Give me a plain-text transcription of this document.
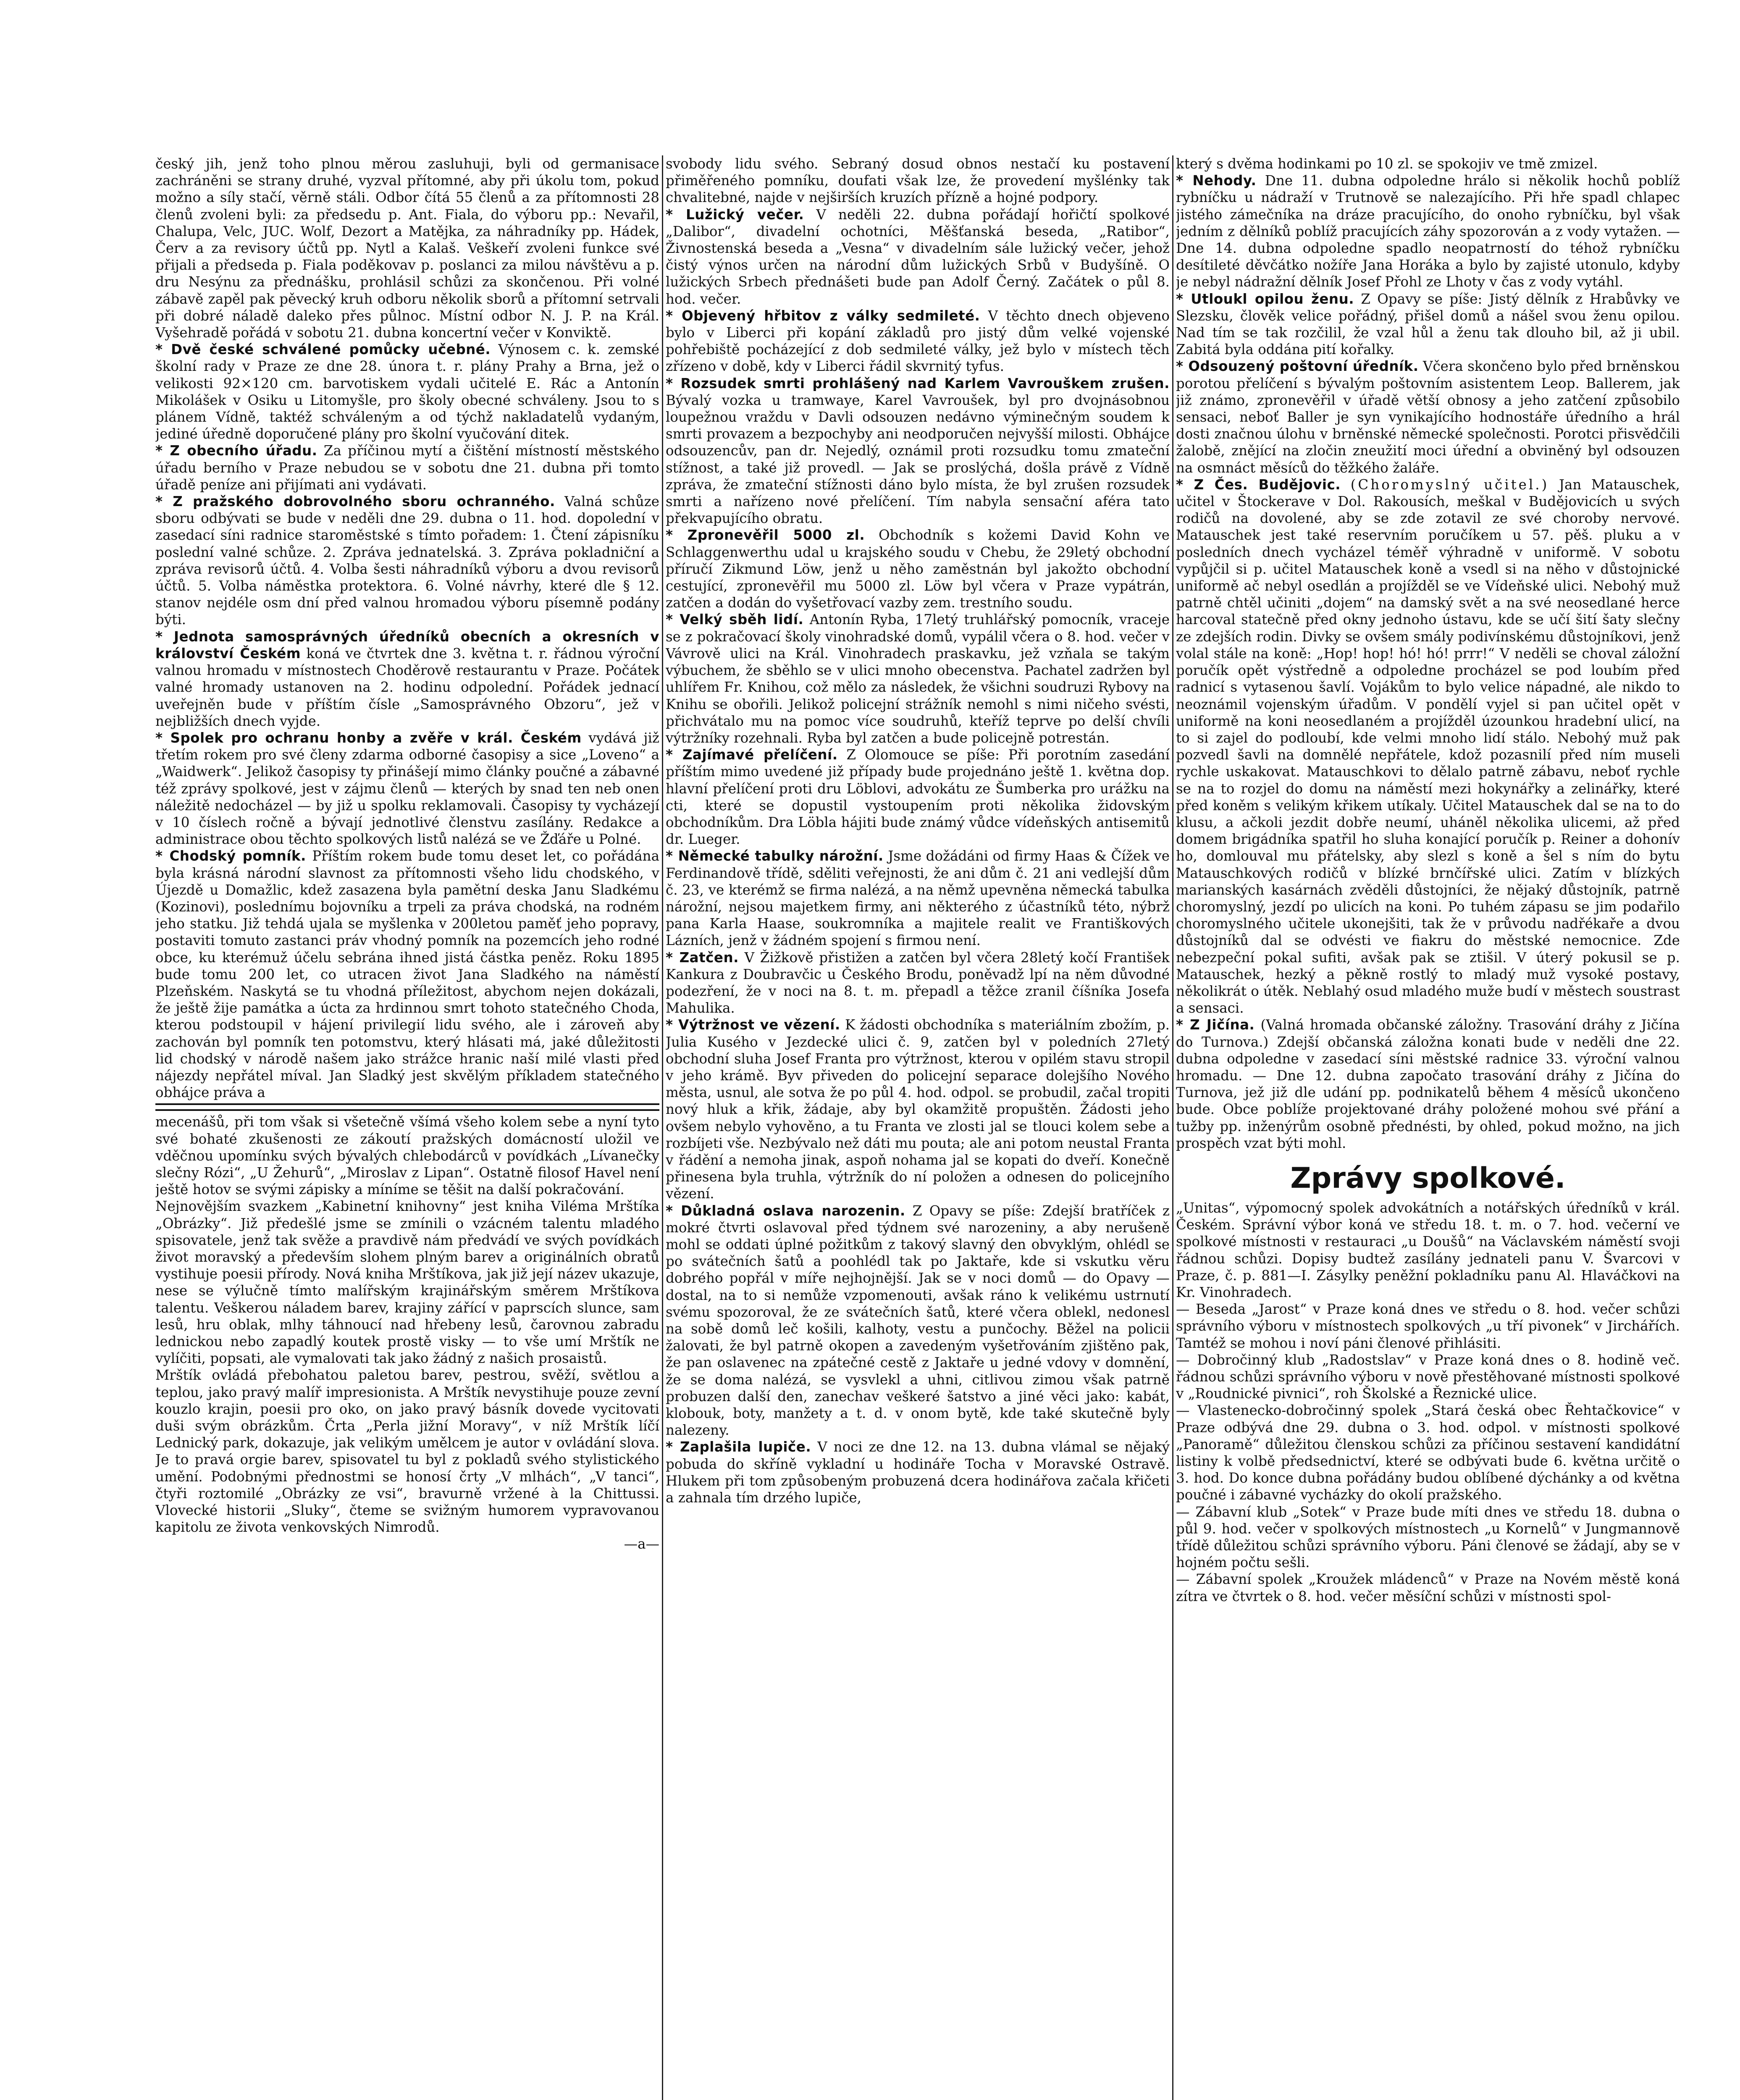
český jih, jenž toho plnou měrou zasluhuji, byli od germanisace zachráněni se strany druhé, vyzval přítomné, aby při úkolu tom, pokud možno a síly stačí, věrně stáli. Odbor čítá 55 členů a za přítomnosti 28 členů zvoleni byli: za předsedu p. Ant. Fiala, do výboru pp.: Nevařil, Chalupa, Velc, JUC. Wolf, Dezort a Matějka, za náhradníky pp. Hádek, Červ a za revisory účtů pp. Nytl a Kalaš. Veškeří zvoleni funkce své přijali a předseda p. Fiala poděkovav p. poslanci za milou návštěvu a p. dru Nesýnu za přednášku, prohlásil schůzi za skončenou. Při volné zábavě zapěl pak pěvecký kruh odboru několik sborů a přítomní setrvali při dobré náladě daleko přes půlnoc. Místní odbor N. J. P. na Král. Vyšehradě pořádá v sobotu 21. dubna koncertní večer v Konviktě.

* Dvě české schválené pomůcky učebné. Výnosem c. k. zemské školní rady v Praze ze dne 28. února t. r. plány Prahy a Brna, jež o velikosti 92×120 cm. barvotiskem vydali učitelé E. Rác a Antonín Mikolášek v Osiku u Litomyšle, pro školy obecné schváleny. Jsou to s plánem Vídně, taktéž schváleným a od týchž nakladatelů vydaným, jediné úředně doporučené plány pro školní vyučování ditek.

* Z obecního úřadu. Za příčinou mytí a čištění místností městského úřadu berního v Praze nebudou se v sobotu dne 21. dubna při tomto úřadě peníze ani přijímati ani vydávati.

* Z pražského dobrovolného sboru ochranného. Valná schůze sboru odbývati se bude v neděli dne 29. dubna o 11. hod. dopolední v zasedací síni radnice staroměstské s tímto pořadem: 1. Čtení zápisníku poslední valné schůze. 2. Zpráva jednatelská. 3. Zpráva pokladniční a zpráva revisorů účtů. 4. Volba šesti náhradníků výboru a dvou revisorů účtů. 5. Volba náměstka protektora. 6. Volné návrhy, které dle § 12. stanov nejdéle osm dní před valnou hromadou výboru písemně podány býti.

* Jednota samosprávných úředníků obecních a okresních v království Českém koná ve čtvrtek dne 3. května t. r. řádnou výroční valnou hromadu v místnostech Choděrově restaurantu v Praze. Počátek valné hromady ustanoven na 2. hodinu odpolední. Pořádek jednací uveřejněn bude v příštím čísle „Samosprávného Obzoru“, jež v nejbližších dnech vyjde.

* Spolek pro ochranu honby a zvěře v král. Českém vydává již třetím rokem pro své členy zdarma odborné časopisy a sice „Loveno“ a „Waidwerk“. Jelikož časopisy ty přinášejí mimo články poučné a zábavné též zprávy spolkové, jest v zájmu členů — kterých by snad ten neb onen náležitě nedocházel — by již u spolku reklamovali. Časopisy ty vycházejí v 10 číslech ročně a bývají jednotlivé členstvu zasílány. Redakce a administrace obou těchto spolkových listů nalézá se ve Žďáře u Polné.

* Chodský pomník. Příštím rokem bude tomu deset let, co pořádána byla krásná národní slavnost za přítomnosti všeho lidu chodského, v Újezdě u Domažlic, kdež zasazena byla pamětní deska Janu Sladkému (Kozinovi), poslednímu bojovníku a trpeli za práva chodská, na rodném jeho statku. Již tehdá ujala se myšlenka v 200letou paměť jeho popravy, postaviti tomuto zastanci práv vhodný pomník na pozemcích jeho rodné obce, ku kterémuž účelu sebrána ihned jistá částka peněz. Roku 1895 bude tomu 200 let, co utracen život Jana Sladkého na náměstí Plzeňském. Naskytá se tu vhodná příležitost, abychom nejen dokázali, že ještě žije památka a úcta za hrdinnou smrt tohoto statečného Choda, kterou podstoupil v hájení privilegií lidu svého, ale i zároveň aby zachován byl pomník ten potomstvu, který hlásati má, jaké důležitosti lid chodský v národě našem jako strážce hranic naší milé vlasti před nájezdy nepřátel míval. Jan Sladký jest skvělým příkladem statečného obhájce práva a

mecenášů, při tom však si všetečně všímá všeho kolem sebe a nyní tyto své bohaté zkušenosti ze zákoutí pražských domácností uložil ve vděčnou upomínku svých bývalých chlebodárců v povídkách „Lívanečky slečny Rózi“, „U Žehurů“, „Miroslav z Lipan“. Ostatně filosof Havel není ještě hotov se svými zápisky a míníme se těšit na další pokračování.

Nejnovějším svazkem „Kabinetní knihovny“ jest kniha Viléma Mrštíka „Obrázky“. Již předešlé jsme se zmínili o vzácném talentu mladého spisovatele, jenž tak svěže a pravdivě nám předvádí ve svých povídkách život moravský a především slohem plným barev a originálních obratů vystihuje poesii přírody. Nová kniha Mrštíkova, jak již její název ukazuje, nese se výlučně tímto malířským krajinářským směrem Mrštíkova talentu. Veškerou náladem barev, krajiny zářící v paprscích slunce, sam lesů, hru oblak, mlhy táhnoucí nad hřebeny lesů, čarovnou zabradu lednickou nebo zapadlý koutek prostě visky — to vše umí Mrštík ne vylíčiti, popsati, ale vymalovati tak jako žádný z našich prosaistů.

Mrštík ovládá přebohatou paletou barev, pestrou, svěží, světlou a teplou, jako pravý malíř impresionista. A Mrštík nevystihuje pouze zevní kouzlo krajin, poesii pro oko, on jako pravý básník dovede vycitovati duši svým obrázkům. Črta „Perla jižní Moravy“, v níž Mrštík líčí Lednický park, dokazuje, jak velikým umělcem je autor v ovládání slova. Je to pravá orgie barev, spisovatel tu byl z pokladů svého stylistického umění. Podobnými přednostmi se honosí črty „V mlhách“, „V tanci“, čtyři roztomilé „Obrázky ze vsi“, bravurně vržené à la Chittussi. Vlovecké historii „Sluky“, čteme se svižným humorem vypravovanou kapitolu ze života venkovských Nimrodů.

—a—

svobody lidu svého. Sebraný dosud obnos nestačí ku postavení přiměřeného pomníku, doufati však lze, že provedení myšlénky tak chvalitebné, najde v nejširších kruzích přízně a hojné podpory.

* Lužický večer. V neděli 22. dubna pořádají hořičtí spolkové „Dalibor“, divadelní ochotníci, Měšťanská beseda, „Ratibor“, Živnostenská beseda a „Vesna“ v divadelním sále lužický večer, jehož čistý výnos určen na národní dům lužických Srbů v Budyšíně. O lužických Srbech přednášeti bude pan Adolf Černý. Začátek o půl 8. hod. večer.

* Objevený hřbitov z války sedmileté. V těchto dnech objeveno bylo v Liberci při kopání základů pro jistý dům velké vojenské pohřebiště pocházející z dob sedmileté války, jež bylo v místech těch zřízeno v době, kdy v Liberci řádil skvrnitý tyfus.

* Rozsudek smrti prohlášený nad Karlem Vavrouškem zrušen. Bývalý vozka u tramwaye, Karel Vavroušek, byl pro dvojnásobnou loupežnou vraždu v Davli odsouzen nedávno výminečným soudem k smrti provazem a bezpochyby ani neodporučen nejvyšší milosti. Obhájce odsouzencův, pan dr. Nejedlý, oznámil proti rozsudku tomu zmateční stížnost, a také již provedl. — Jak se proslýchá, došla právě z Vídně zpráva, že zmateční stížnosti dáno bylo místa, že byl zrušen rozsudek smrti a nařízeno nové přelíčení. Tím nabyla sensační aféra tato překvapujícího obratu.

* Zpronevěřil 5000 zl. Obchodník s kožemi David Kohn ve Schlaggenwerthu udal u krajského soudu v Chebu, že 29letý obchodní příručí Zikmund Löw, jenž u něho zaměstnán byl jakožto obchodní cestující, zpronevěřil mu 5000 zl. Löw byl včera v Praze vypátrán, zatčen a dodán do vyšetřovací vazby zem. trestního soudu.

* Velký sběh lidí. Antonín Ryba, 17letý truhlářský pomocník, vraceje se z pokračovací školy vinohradské domů, vypálil včera o 8. hod. večer v Vávrově ulici na Král. Vinohradech praskavku, jež vzňala se takým výbuchem, že sběhlo se v ulici mnoho obecenstva. Pachatel zadržen byl uhlířem Fr. Knihou, což mělo za následek, že všichni soudruzi Rybovy na Knihu se obořili. Jelikož policejní strážník nemohl s nimi ničeho svésti, přichvátalo mu na pomoc více soudruhů, kteříž teprve po delší chvíli výtržníky rozehnali. Ryba byl zatčen a bude policejně potrestán.

* Zajímavé přelíčení. Z Olomouce se píše: Při porotním zasedání příštím mimo uvedené již případy bude projednáno ještě 1. května dop. hlavní přelíčení proti dru Löblovi, advokátu ze Šumberka pro urážku na cti, které se dopustil vystoupením proti několika židovským obchodníkům. Dra Löbla hájiti bude známý vůdce vídeňských antisemitů dr. Lueger.

* Německé tabulky nárožní. Jsme dožádáni od firmy Haas & Čížek ve Ferdinandově třídě, sděliti veřejnosti, že ani dům č. 21 ani vedlejší dům č. 23, ve kterémž se firma nalézá, a na němž upevněna německá tabulka nárožní, nejsou majetkem firmy, ani některého z účastníků této, nýbrž pana Karla Haase, soukromníka a majitele realit ve Františkových Lázních, jenž v žádném spojení s firmou není.

* Zatčen. V Žižkově přistižen a zatčen byl včera 28letý kočí František Kankura z Doubravčic u Českého Brodu, poněvadž lpí na něm důvodné podezření, že v noci na 8. t. m. přepadl a těžce zranil číšníka Josefa Mahulika.

* Výtržnost ve vězení. K žádosti obchodníka s materiálním zbožím, p. Julia Kusého v Jezdecké ulici č. 9, zatčen byl v poledních 27letý obchodní sluha Josef Franta pro výtržnost, kterou v opilém stavu stropil v jeho krámě. Byv přiveden do policejní separace dolejšího Nového města, usnul, ale sotva že po půl 4. hod. odpol. se probudil, začal tropiti nový hluk a křik, žádaje, aby byl okamžitě propuštěn. Žádosti jeho ovšem nebylo vyhověno, a tu Franta ve zlosti jal se tlouci kolem sebe a rozbíjeti vše. Nezbývalo než dáti mu pouta; ale ani potom neustal Franta v řádění a nemoha jinak, aspoň nohama jal se kopati do dveří. Konečně přinesena byla truhla, výtržník do ní položen a odnesen do policejního vězení.

* Důkladná oslava narozenin. Z Opavy se píše: Zdejší bratříček z mokré čtvrti oslavoval před týdnem své narozeniny, a aby nerušeně mohl se oddati úplné požitkům z takový slavný den obvyklým, ohlédl se po svátečních šatů a poohlédl tak po Jaktaře, kde si vskutku věru dobrého popřál v míře nejhojnější. Jak se v noci domů — do Opavy — dostal, na to si nemůže vzpomenouti, avšak ráno k velikému ustrnutí svému spozoroval, že ze svátečních šatů, které včera oblekl, nedonesl na sobě domů leč košili, kalhoty, vestu a punčochy. Běžel na policii žalovati, že byl patrně okopen a zavedeným vyšetřováním zjištěno pak, že pan oslavenec na zpátečné cestě z Jaktaře u jedné vdovy v domnění, že se doma nalézá, se vysvlekl a uhni, citlivou zimou však patrně probuzen další den, zanechav veškeré šatstvo a jiné věci jako: kabát, klobouk, boty, manžety a t. d. v onom bytě, kde také skutečně byly nalezeny.

* Zaplašila lupiče. V noci ze dne 12. na 13. dubna vlámal se nějaký pobuda do skříně vykladní u hodináře Tocha v Moravské Ostravě. Hlukem při tom způsobeným probuzená dcera hodinářova začala křičeti a zahnala tím drzého lupiče,

který s dvěma hodinkami po 10 zl. se spokojiv ve tmě zmizel.

* Nehody. Dne 11. dubna odpoledne hrálo si několik hochů poblíž rybníčku u nádraží v Trutnově se nalezajícího. Při hře spadl chlapec jistého zámečníka na dráze pracujícího, do onoho rybníčku, byl však jedním z dělníků poblíž pracujících záhy spozorován a z vody vytažen. — Dne 14. dubna odpoledne spadlo neopatrností do téhož rybníčku desítileté děvčátko nožíře Jana Horáka a bylo by zajisté utonulo, kdyby je nebyl nádražní dělník Josef Přohl ze Lhoty v čas z vody vytáhl.

* Utloukl opilou ženu. Z Opavy se píše: Jistý dělník z Hrabůvky ve Slezsku, člověk velice pořádný, přišel domů a nášel svou ženu opilou. Nad tím se tak rozčilil, že vzal hůl a ženu tak dlouho bil, až ji ubil. Zabitá byla oddána pití kořalky.

* Odsouzený poštovní úředník. Včera skončeno bylo před brněnskou porotou přelíčení s bývalým poštovním asistentem Leop. Ballerem, jak již známo, zpronevěřil v úřadě větší obnosy a jeho zatčení způsobilo sensaci, neboť Baller je syn vynikajícího hodnostáře úředního a hrál dosti značnou úlohu v brněnské německé společnosti. Porotci přisvědčili žalobě, znějící na zločin zneužití moci úřední a obviněný byl odsouzen na osmnáct měsíců do těžkého žaláře.

* Z Čes. Budějovic. (Choromyslný učitel.) Jan Matauschek, učitel v Štockerave v Dol. Rakousích, meškal v Budějovicích u svých rodičů na dovolené, aby se zde zotavil ze své choroby nervové. Matauschek jest také reservním poručíkem u 57. pěš. pluku a v posledních dnech vycházel téměř výhradně v uniformě. V sobotu vypůjčil si p. učitel Matauschek koně a vsedl si na něho v důstojnické uniformě ač nebyl osedlán a projížděl se ve Vídeňské ulici. Nebohý muž patrně chtěl učiniti „dojem“ na damský svět a na své neosedlané herce harcoval statečně před okny jednoho ústavu, kde se učí šití šaty slečny ze zdejších rodin. Divky se ovšem smály podivínskému důstojníkovi, jenž volal stále na koně: „Hop! hop! hó! hó! prrr!“ V neděli se choval záložní poručík opět výstředně a odpoledne procházel se pod loubím před radnicí s vytasenou šavlí. Vojákům to bylo velice nápadné, ale nikdo to neoznámil vojenským úřadům. V pondělí vyjel si pan učitel opět v uniformě na koni neosedlaném a projížděl úzounkou hradební ulicí, na to si zajel do podloubí, kde velmi mnoho lidí stálo. Nebohý muž pak pozvedl šavli na domnělé nepřátele, kdož pozasnilí před ním museli rychle uskakovat. Matauschkovi to dělalo patrně zábavu, neboť rychle se na to rozjel do domu na náměstí mezi hokynářky a zelinářky, které před koněm s velikým křikem utíkaly. Učitel Matauschek dal se na to do klusu, a ačkoli jezdit dobře neumí, uháněl několika ulicemi, až před domem brigádníka spatřil ho sluha konající poručík p. Reiner a dohonív ho, domlouval mu přátelsky, aby slezl s koně a šel s ním do bytu Matauschkových rodičů v blízké brnčířské ulici. Zatím v blízkých marianských kasárnách zvěděli důstojníci, že nějaký důstojník, patrně choromyslný, jezdí po ulicích na koni. Po tuhém zápasu se jim podařilo choromyslného učitele ukonejšiti, tak že v průvodu nadřékaře a dvou důstojníků dal se odvésti ve fiakru do městské nemocnice. Zde nebezpeční pokal sufiti, avšak pak se ztišil. V úterý pokusil se p. Matauschek, hezký a pěkně rostlý to mladý muž vysoké postavy, několikrát o útěk. Neblahý osud mladého muže budí v městech soustrast a sensaci.

* Z Jičína. (Valná hromada občanské záložny. Trasování dráhy z Jičína do Turnova.) Zdejší občanská záložna konati bude v neděli dne 22. dubna odpoledne v zasedací síni městské radnice 33. výroční valnou hromadu. — Dne 12. dubna započato trasování dráhy z Jičína do Turnova, jež již dle udání pp. podnikatelů během 4 měsíců ukončeno bude. Obce poblíže projektované dráhy položené mohou své přání a tužby pp. inženýrům osobně přednésti, by ohled, pokud možno, na jich prospěch vzat býti mohl.

Zprávy spolkové.

„Unitas“, výpomocný spolek advokátních a notářských úředníků v král. Českém. Správní výbor koná ve středu 18. t. m. o 7. hod. večerní ve spolkové místnosti v restauraci „u Doušů“ na Václavském náměstí svoji řádnou schůzi. Dopisy budtež zasílány jednateli panu V. Švarcovi v Praze, č. p. 881—I. Zásylky peněžní pokladníku panu Al. Hlaváčkovi na Kr. Vinohradech.

— Beseda „Jarost“ v Praze koná dnes ve středu o 8. hod. večer schůzi správního výboru v místnostech spolkových „u tří pivonek“ v Jirchářích. Tamtéž se mohou i noví páni členové přihlásiti.

— Dobročinný klub „Radostslav“ v Praze koná dnes o 8. hodině več. řádnou schůzi správního výboru v nově přestěhované místnosti spolkové v „Roudnické pivnici“, roh Školské a Řeznické ulice.

— Vlastenecko-dobročinný spolek „Stará česká obec Řehtačkovice“ v Praze odbývá dne 29. dubna o 3. hod. odpol. v místnosti spolkové „Panoramě“ důležitou členskou schůzi za příčinou sestavení kandidátní listiny k volbě předsednictví, které se odbývati bude 6. května určitě o 3. hod. Do konce dubna pořádány budou oblíbené dýchánky a od května poučné i zábavné vycházky do okolí pražského.

— Zábavní klub „Sotek“ v Praze bude míti dnes ve středu 18. dubna o půl 9. hod. večer v spolkových místnostech „u Kornelů“ v Jungmannově třídě důležitou schůzi správního výboru. Páni členové se žádají, aby se v hojném počtu sešli.

— Zábavní spolek „Kroužek mládenců“ v Praze na Novém městě koná zítra ve čtvrtek o 8. hod. večer měsíční schůzi v místnosti spol-
